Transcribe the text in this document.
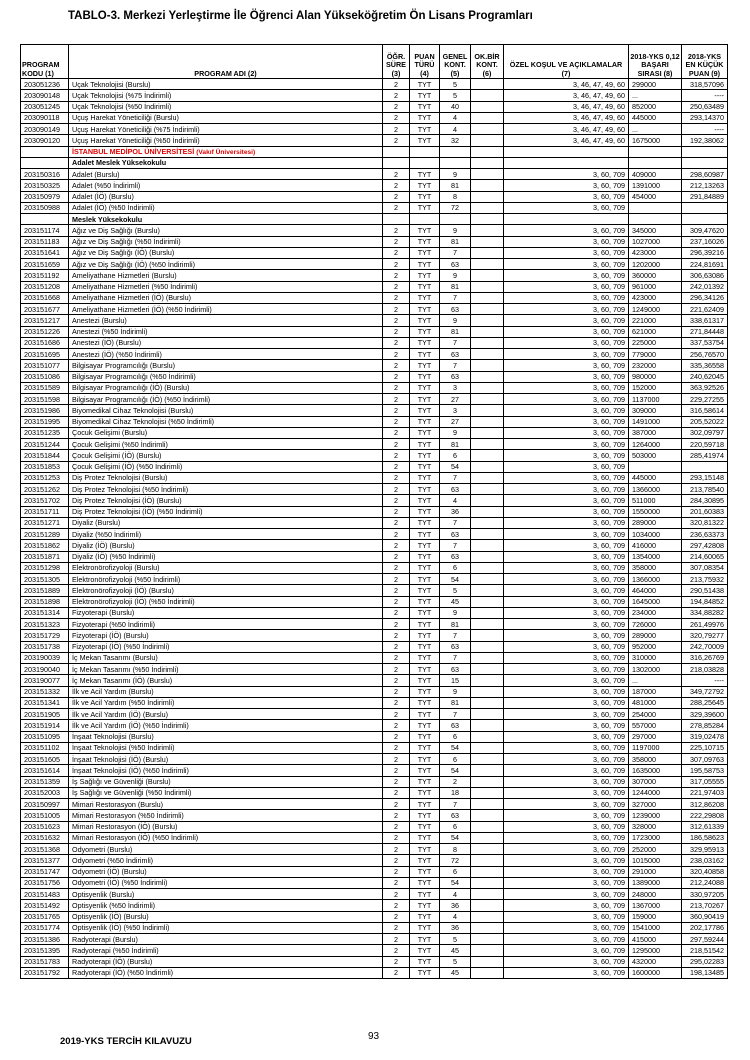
TABLO-3. Merkezi Yerleştirme İle Öğrenci Alan Yükseköğretim Ön Lisans Programları
PROGRAM KODU (1)	PROGRAM ADI (2)	ÖĞR. SÜRE (3)	PUAN TÜRÜ (4)	GENEL KONT. (5)	OK.BİR KONT. (6)	ÖZEL KOŞUL VE AÇIKLAMALAR (7)	2018-YKS 0,12 BAŞARI SIRASI (8)	2018-YKS EN KÜÇÜK PUAN (9)
203051236	Uçak Teknolojisi (Burslu)	2	TYT	5		3, 46, 47, 49, 60	299000	318,57096
203090148	Uçak Teknolojisi (%75 İndirimli)	2	TYT	5		3, 46, 47, 49, 60	...	----
203051245	Uçak Teknolojisi (%50 İndirimli)	2	TYT	40		3, 46, 47, 49, 60	852000	250,63489
203090118	Uçuş Harekat Yöneticiliği (Burslu)	2	TYT	4		3, 46, 47, 49, 60	445000	293,14370
203090149	Uçuş Harekat Yöneticiliği (%75 İndirimli)	2	TYT	4		3, 46, 47, 49, 60	...	----
203090120	Uçuş Harekat Yöneticiliği (%50 İndirimli)	2	TYT	32		3, 46, 47, 49, 60	1675000	192,38062
	İSTANBUL MEDİPOL ÜNİVERSİTESİ (Vakıf Üniversitesi)							
	Adalet Meslek Yüksekokulu							
203150316	Adalet (Burslu)	2	TYT	9		3, 60, 709	409000	298,60987
203150325	Adalet (%50 İndirimli)	2	TYT	81		3, 60, 709	1391000	212,13263
203150979	Adalet (İÖ) (Burslu)	2	TYT	8		3, 60, 709	454000	291,84889
203150988	Adalet (İÖ) (%50 İndirimli)	2	TYT	72		3, 60, 709		
	Meslek Yüksekokulu							
203151174	Ağız ve Diş Sağlığı (Burslu)	2	TYT	9		3, 60, 709	345000	309,47620
203151183	Ağız ve Diş Sağlığı (%50 İndirimli)	2	TYT	81		3, 60, 709	1027000	237,16026
203151641	Ağız ve Diş Sağlığı (İÖ) (Burslu)	2	TYT	7		3, 60, 709	423000	296,39216
203151659	Ağız ve Diş Sağlığı (İÖ) (%50 İndirimli)	2	TYT	63		3, 60, 709	1202000	224,81691
203151192	Ameliyathane Hizmetleri (Burslu)	2	TYT	9		3, 60, 709	360000	306,63086
203151208	Ameliyathane Hizmetleri (%50 İndirimli)	2	TYT	81		3, 60, 709	961000	242,01392
203151668	Ameliyathane Hizmetleri (İÖ) (Burslu)	2	TYT	7		3, 60, 709	423000	296,34126
203151677	Ameliyathane Hizmetleri (İÖ) (%50 İndirimli)	2	TYT	63		3, 60, 709	1249000	221,62409
203151217	Anestezi (Burslu)	2	TYT	9		3, 60, 709	221000	338,61317
203151226	Anestezi (%50 İndirimli)	2	TYT	81		3, 60, 709	621000	271,84448
203151686	Anestezi (İÖ) (Burslu)	2	TYT	7		3, 60, 709	225000	337,53754
203151695	Anestezi (İÖ) (%50 İndirimli)	2	TYT	63		3, 60, 709	779000	256,76570
203151077	Bilgisayar Programcılığı (Burslu)	2	TYT	7		3, 60, 709	232000	335,36558
203151086	Bilgisayar Programcılığı (%50 İndirimli)	2	TYT	63		3, 60, 709	980000	240,62045
203151589	Bilgisayar Programcılığı (İÖ) (Burslu)	2	TYT	3		3, 60, 709	152000	363,92526
203151598	Bilgisayar Programcılığı (İÖ) (%50 İndirimli)	2	TYT	27		3, 60, 709	1137000	229,27255
203151986	Biyomedikal Cihaz Teknolojisi (Burslu)	2	TYT	3		3, 60, 709	309000	316,58614
203151995	Biyomedikal Cihaz Teknolojisi (%50 İndirimli)	2	TYT	27		3, 60, 709	1491000	205,52022
203151235	Çocuk Gelişimi (Burslu)	2	TYT	9		3, 60, 709	387000	302,09797
203151244	Çocuk Gelişimi (%50 İndirimli)	2	TYT	81		3, 60, 709	1264000	220,59718
203151844	Çocuk Gelişimi (İÖ) (Burslu)	2	TYT	6		3, 60, 709	503000	285,41974
203151853	Çocuk Gelişimi (İÖ) (%50 İndirimli)	2	TYT	54		3, 60, 709		
203151253	Diş Protez Teknolojisi (Burslu)	2	TYT	7		3, 60, 709	445000	293,15148
203151262	Diş Protez Teknolojisi (%50 İndirimli)	2	TYT	63		3, 60, 709	1366000	213,78540
203151702	Diş Protez Teknolojisi (İÖ) (Burslu)	2	TYT	4		3, 60, 709	511000	284,30895
203151711	Diş Protez Teknolojisi (İÖ) (%50 İndirimli)	2	TYT	36		3, 60, 709	1550000	201,60383
203151271	Diyaliz (Burslu)	2	TYT	7		3, 60, 709	289000	320,81322
203151289	Diyaliz (%50 İndirimli)	2	TYT	63		3, 60, 709	1034000	236,63373
203151862	Diyaliz (İÖ) (Burslu)	2	TYT	7		3, 60, 709	416000	297,42808
203151871	Diyaliz (İÖ) (%50 İndirimli)	2	TYT	63		3, 60, 709	1354000	214,60065
203151298	Elektronörofizyoloji (Burslu)	2	TYT	6		3, 60, 709	358000	307,08354
203151305	Elektronörofizyoloji (%50 İndirimli)	2	TYT	54		3, 60, 709	1366000	213,75932
203151889	Elektronörofizyoloji (İÖ) (Burslu)	2	TYT	5		3, 60, 709	464000	290,51438
203151898	Elektronörofizyoloji (İÖ) (%50 İndirimli)	2	TYT	45		3, 60, 709	1645000	194,84852
203151314	Fizyoterapi (Burslu)	2	TYT	9		3, 60, 709	234000	334,88282
203151323	Fizyoterapi (%50 İndirimli)	2	TYT	81		3, 60, 709	726000	261,49976
203151729	Fizyoterapi (İÖ) (Burslu)	2	TYT	7		3, 60, 709	289000	320,79277
203151738	Fizyoterapi (İÖ) (%50 İndirimli)	2	TYT	63		3, 60, 709	952000	242,70009
203190039	İç Mekan Tasarımı (Burslu)	2	TYT	7		3, 60, 709	310000	316,26769
203190040	İç Mekan Tasarımı (%50 İndirimli)	2	TYT	63		3, 60, 709	1302000	218,03828
203190077	İç Mekan Tasarımı (İÖ) (Burslu)	2	TYT	15		3, 60, 709	...	----
203151332	İlk ve Acil Yardım (Burslu)	2	TYT	9		3, 60, 709	187000	349,72792
203151341	İlk ve Acil Yardım (%50 İndirimli)	2	TYT	81		3, 60, 709	481000	288,25645
203151905	İlk ve Acil Yardım (İÖ) (Burslu)	2	TYT	7		3, 60, 709	254000	329,39600
203151914	İlk ve Acil Yardım (İÖ) (%50 İndirimli)	2	TYT	63		3, 60, 709	557000	278,85284
203151095	İnşaat Teknolojisi (Burslu)	2	TYT	6		3, 60, 709	297000	319,02478
203151102	İnşaat Teknolojisi (%50 İndirimli)	2	TYT	54		3, 60, 709	1197000	225,10715
203151605	İnşaat Teknolojisi (İÖ) (Burslu)	2	TYT	6		3, 60, 709	358000	307,09763
203151614	İnşaat Teknolojisi (İÖ) (%50 İndirimli)	2	TYT	54		3, 60, 709	1635000	195,58753
203151359	İş Sağlığı ve Güvenliği (Burslu)	2	TYT	2		3, 60, 709	307000	317,05555
203152003	İş Sağlığı ve Güvenliği (%50 İndirimli)	2	TYT	18		3, 60, 709	1244000	221,97403
203150997	Mimari Restorasyon (Burslu)	2	TYT	7		3, 60, 709	327000	312,86208
203151005	Mimari Restorasyon (%50 İndirimli)	2	TYT	63		3, 60, 709	1239000	222,29808
203151623	Mimari Restorasyon (İÖ) (Burslu)	2	TYT	6		3, 60, 709	328000	312,61339
203151632	Mimari Restorasyon (İÖ) (%50 İndirimli)	2	TYT	54		3, 60, 709	1723000	186,58623
203151368	Odyometri (Burslu)	2	TYT	8		3, 60, 709	252000	329,95913
203151377	Odyometri (%50 İndirimli)	2	TYT	72		3, 60, 709	1015000	238,03162
203151747	Odyometri (İÖ) (Burslu)	2	TYT	6		3, 60, 709	291000	320,40858
203151756	Odyometri (İÖ) (%50 İndirimli)	2	TYT	54		3, 60, 709	1389000	212,24088
203151483	Optisyenlik (Burslu)	2	TYT	4		3, 60, 709	248000	330,97205
203151492	Optisyenlik (%50 İndirimli)	2	TYT	36		3, 60, 709	1367000	213,70267
203151765	Optisyenlik (İÖ) (Burslu)	2	TYT	4		3, 60, 709	159000	360,90419
203151774	Optisyenlik (İÖ) (%50 İndirimli)	2	TYT	36		3, 60, 709	1541000	202,17786
203151386	Radyoterapi (Burslu)	2	TYT	5		3, 60, 709	415000	297,59244
203151395	Radyoterapi (%50 İndirimli)	2	TYT	45		3, 60, 709	1295000	218,51542
203151783	Radyoterapi (İÖ) (Burslu)	2	TYT	5		3, 60, 709	432000	295,02283
203151792	Radyoterapi (İÖ) (%50 İndirimli)	2	TYT	45		3, 60, 709	1600000	198,13485
2019-YKS TERCİH KILAVUZU	93
